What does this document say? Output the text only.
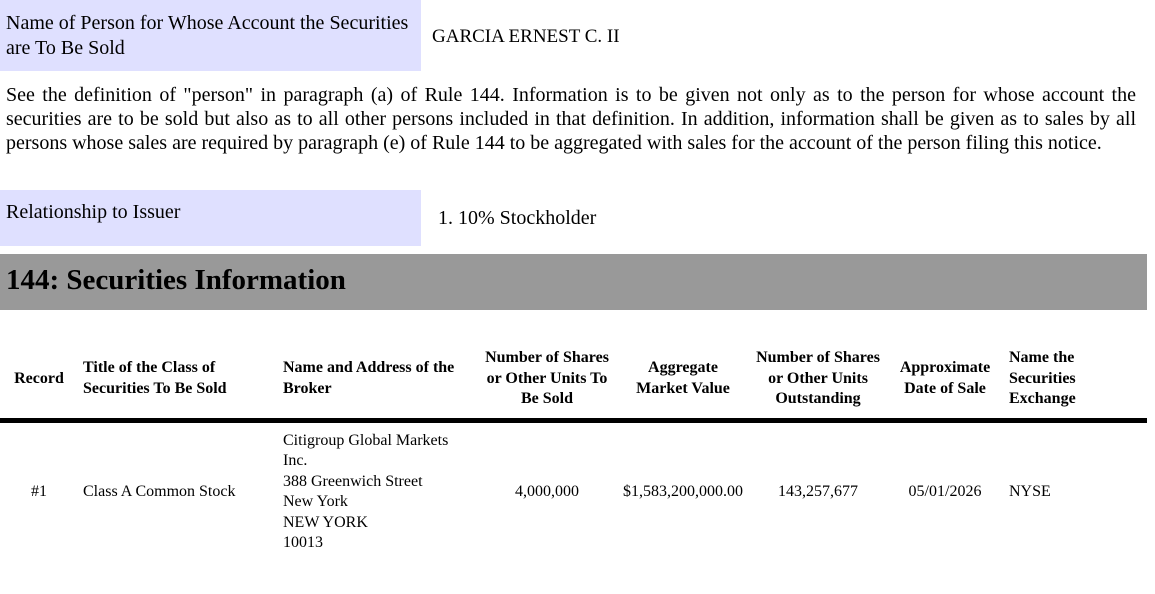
Name of Person for Whose Account the Securities are To Be Sold
GARCIA ERNEST C. II
See the definition of "person" in paragraph (a) of Rule 144. Information is to be given not only as to the person for whose account the securities are to be sold but also as to all other persons included in that definition. In addition, information shall be given as to sales by all persons whose sales are required by paragraph (e) of Rule 144 to be aggregated with sales for the account of the person filing this notice.
Relationship to Issuer	1. 10% Stockholder
144: Securities Information
Record	Title of the Class of Securities To Be Sold	Name and Address of the Broker	Number of Shares or Other Units To Be Sold	Aggregate Market Value	Number of Shares or Other Units Outstanding	Approximate Date of Sale	Name the Securities Exchange
#1	Class A Common Stock	Citigroup Global Markets Inc.
388 Greenwich Street
New York
NEW YORK
10013	4,000,000	$1,583,200,000.00	143,257,677	05/01/2026	NYSE
